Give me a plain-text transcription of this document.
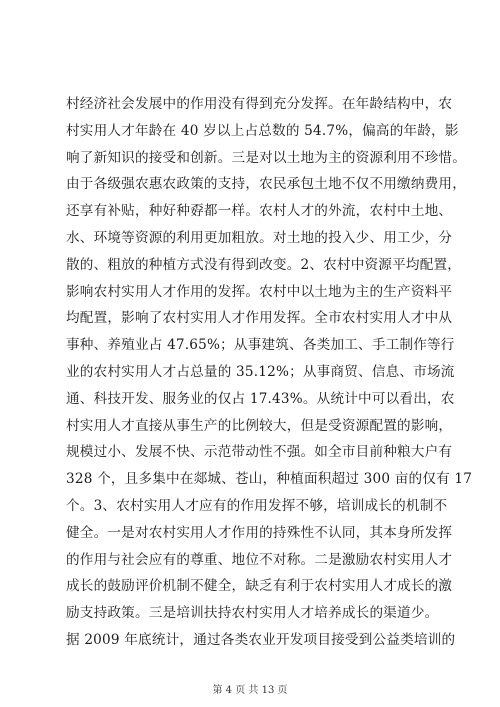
村经济社会发展中的作用没有得到充分发挥。在年龄结构中，农
村实用人才年龄在 40 岁以上占总数的 54.7%，偏高的年龄，影
响了新知识的接受和创新。三是对以土地为主的资源利用不珍惜。
由于各级强农惠农政策的支持，农民承包土地不仅不用缴纳费用，
还享有补贴，种好种孬都一样。农村人才的外流，农村中土地、
水、环境等资源的利用更加粗放。对土地的投入少、用工少，分
散的、粗放的种植方式没有得到改变。2、农村中资源平均配置，
影响农村实用人才作用的发挥。农村中以土地为主的生产资料平
均配置，影响了农村实用人才作用发挥。全市农村实用人才中从
事种、养殖业占 47.65%；从事建筑、各类加工、手工制作等行
业的农村实用人才占总量的 35.12%；从事商贸、信息、市场流
通、科技开发、服务业的仅占 17.43%。从统计中可以看出，农
村实用人才直接从事生产的比例较大，但是受资源配置的影响，
规模过小、发展不快、示范带动性不强。如全市目前种粮大户有
328 个，且多集中在郯城、苍山，种植面积超过 300 亩的仅有 17
个。3、农村实用人才应有的作用发挥不够，培训成长的机制不
健全。一是对农村实用人才作用的持殊性不认同，其本身所发挥
的作用与社会应有的尊重、地位不对称。二是激励农村实用人才
成长的鼓励评价机制不健全，缺乏有利于农村实用人才成长的激
励支持政策。三是培训扶持农村实用人才培养成长的渠道少。
据 2009 年底统计，通过各类农业开发项目接受到公益类培训的
第 4 页 共 13 页
